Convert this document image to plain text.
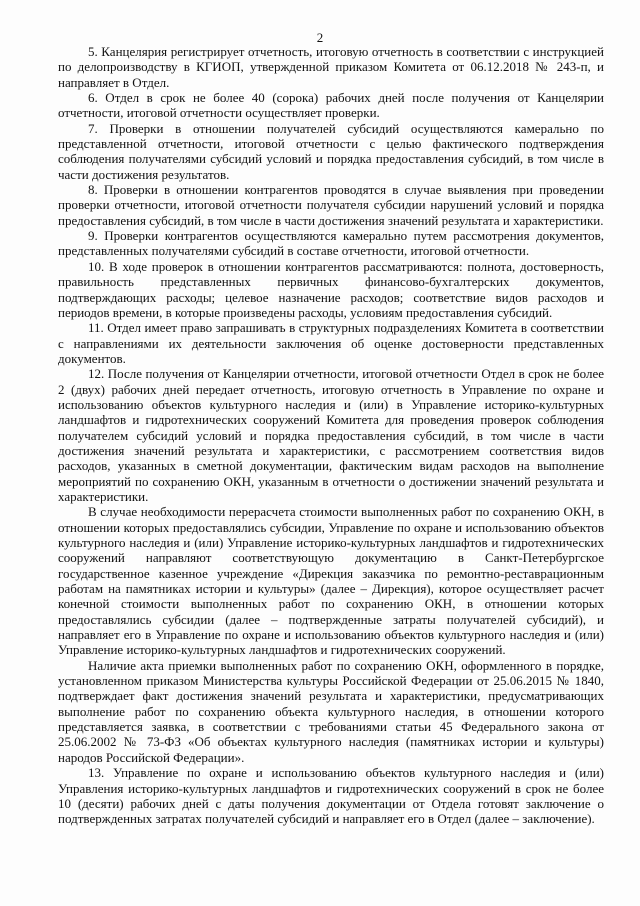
2

5. Канцелярия регистрирует отчетность, итоговую отчетность в соответствии с инструкцией по делопроизводству в КГИОП, утвержденной приказом Комитета от 06.12.2018 № 243-п, и направляет в Отдел.

6. Отдел в срок не более 40 (сорока) рабочих дней после получения от Канцелярии отчетности, итоговой отчетности осуществляет проверки.

7. Проверки в отношении получателей субсидий осуществляются камерально по представленной отчетности, итоговой отчетности с целью фактического подтверждения соблюдения получателями субсидий условий и порядка предоставления субсидий, в том числе в части достижения результатов.

8. Проверки в отношении контрагентов проводятся в случае выявления при проведении проверки отчетности, итоговой отчетности получателя субсидии нарушений условий и порядка предоставления субсидий, в том числе в части достижения значений результата и характеристики.

9. Проверки контрагентов осуществляются камерально путем рассмотрения документов, представленных получателями субсидий в составе отчетности, итоговой отчетности.

10. В ходе проверок в отношении контрагентов рассматриваются: полнота, достоверность, правильность представленных первичных финансово-бухгалтерских документов, подтверждающих расходы; целевое назначение расходов; соответствие видов расходов и периодов времени, в которые произведены расходы, условиям предоставления субсидий.

11. Отдел имеет право запрашивать в структурных подразделениях Комитета в соответствии с направлениями их деятельности заключения об оценке достоверности представленных документов.

12. После получения от Канцелярии отчетности, итоговой отчетности Отдел в срок не более 2 (двух) рабочих дней передает отчетность, итоговую отчетность в Управление по охране и использованию объектов культурного наследия и (или) в Управление историко-культурных ландшафтов и гидротехнических сооружений Комитета для проведения проверок соблюдения получателем субсидий условий и порядка предоставления субсидий, в том числе в части достижения значений результата и характеристики, с рассмотрением соответствия видов расходов, указанных в сметной документации, фактическим видам расходов на выполнение мероприятий по сохранению ОКН, указанным в отчетности о достижении значений результата и характеристики.

В случае необходимости перерасчета стоимости выполненных работ по сохранению ОКН, в отношении которых предоставлялись субсидии, Управление по охране и использованию объектов культурного наследия и (или) Управление историко-культурных ландшафтов и гидротехнических сооружений направляют соответствующую документацию в Санкт-Петербургское государственное казенное учреждение «Дирекция заказчика по ремонтно-реставрационным работам на памятниках истории и культуры» (далее – Дирекция), которое осуществляет расчет конечной стоимости выполненных работ по сохранению ОКН, в отношении которых предоставлялись субсидии (далее – подтвержденные затраты получателей субсидий), и направляет его в Управление по охране и использованию объектов культурного наследия и (или) Управление историко-культурных ландшафтов и гидротехнических сооружений.

Наличие акта приемки выполненных работ по сохранению ОКН, оформленного в порядке, установленном приказом Министерства культуры Российской Федерации от 25.06.2015 № 1840, подтверждает факт достижения значений результата и характеристики, предусматривающих выполнение работ по сохранению объекта культурного наследия, в отношении которого представляется заявка, в соответствии с требованиями статьи 45 Федерального закона от 25.06.2002 № 73-ФЗ «Об объектах культурного наследия (памятниках истории и культуры) народов Российской Федерации».

13. Управление по охране и использованию объектов культурного наследия и (или) Управления историко-культурных ландшафтов и гидротехнических сооружений в срок не более 10 (десяти) рабочих дней с даты получения документации от Отдела готовят заключение о подтвержденных затратах получателей субсидий и направляет его в Отдел (далее – заключение).
